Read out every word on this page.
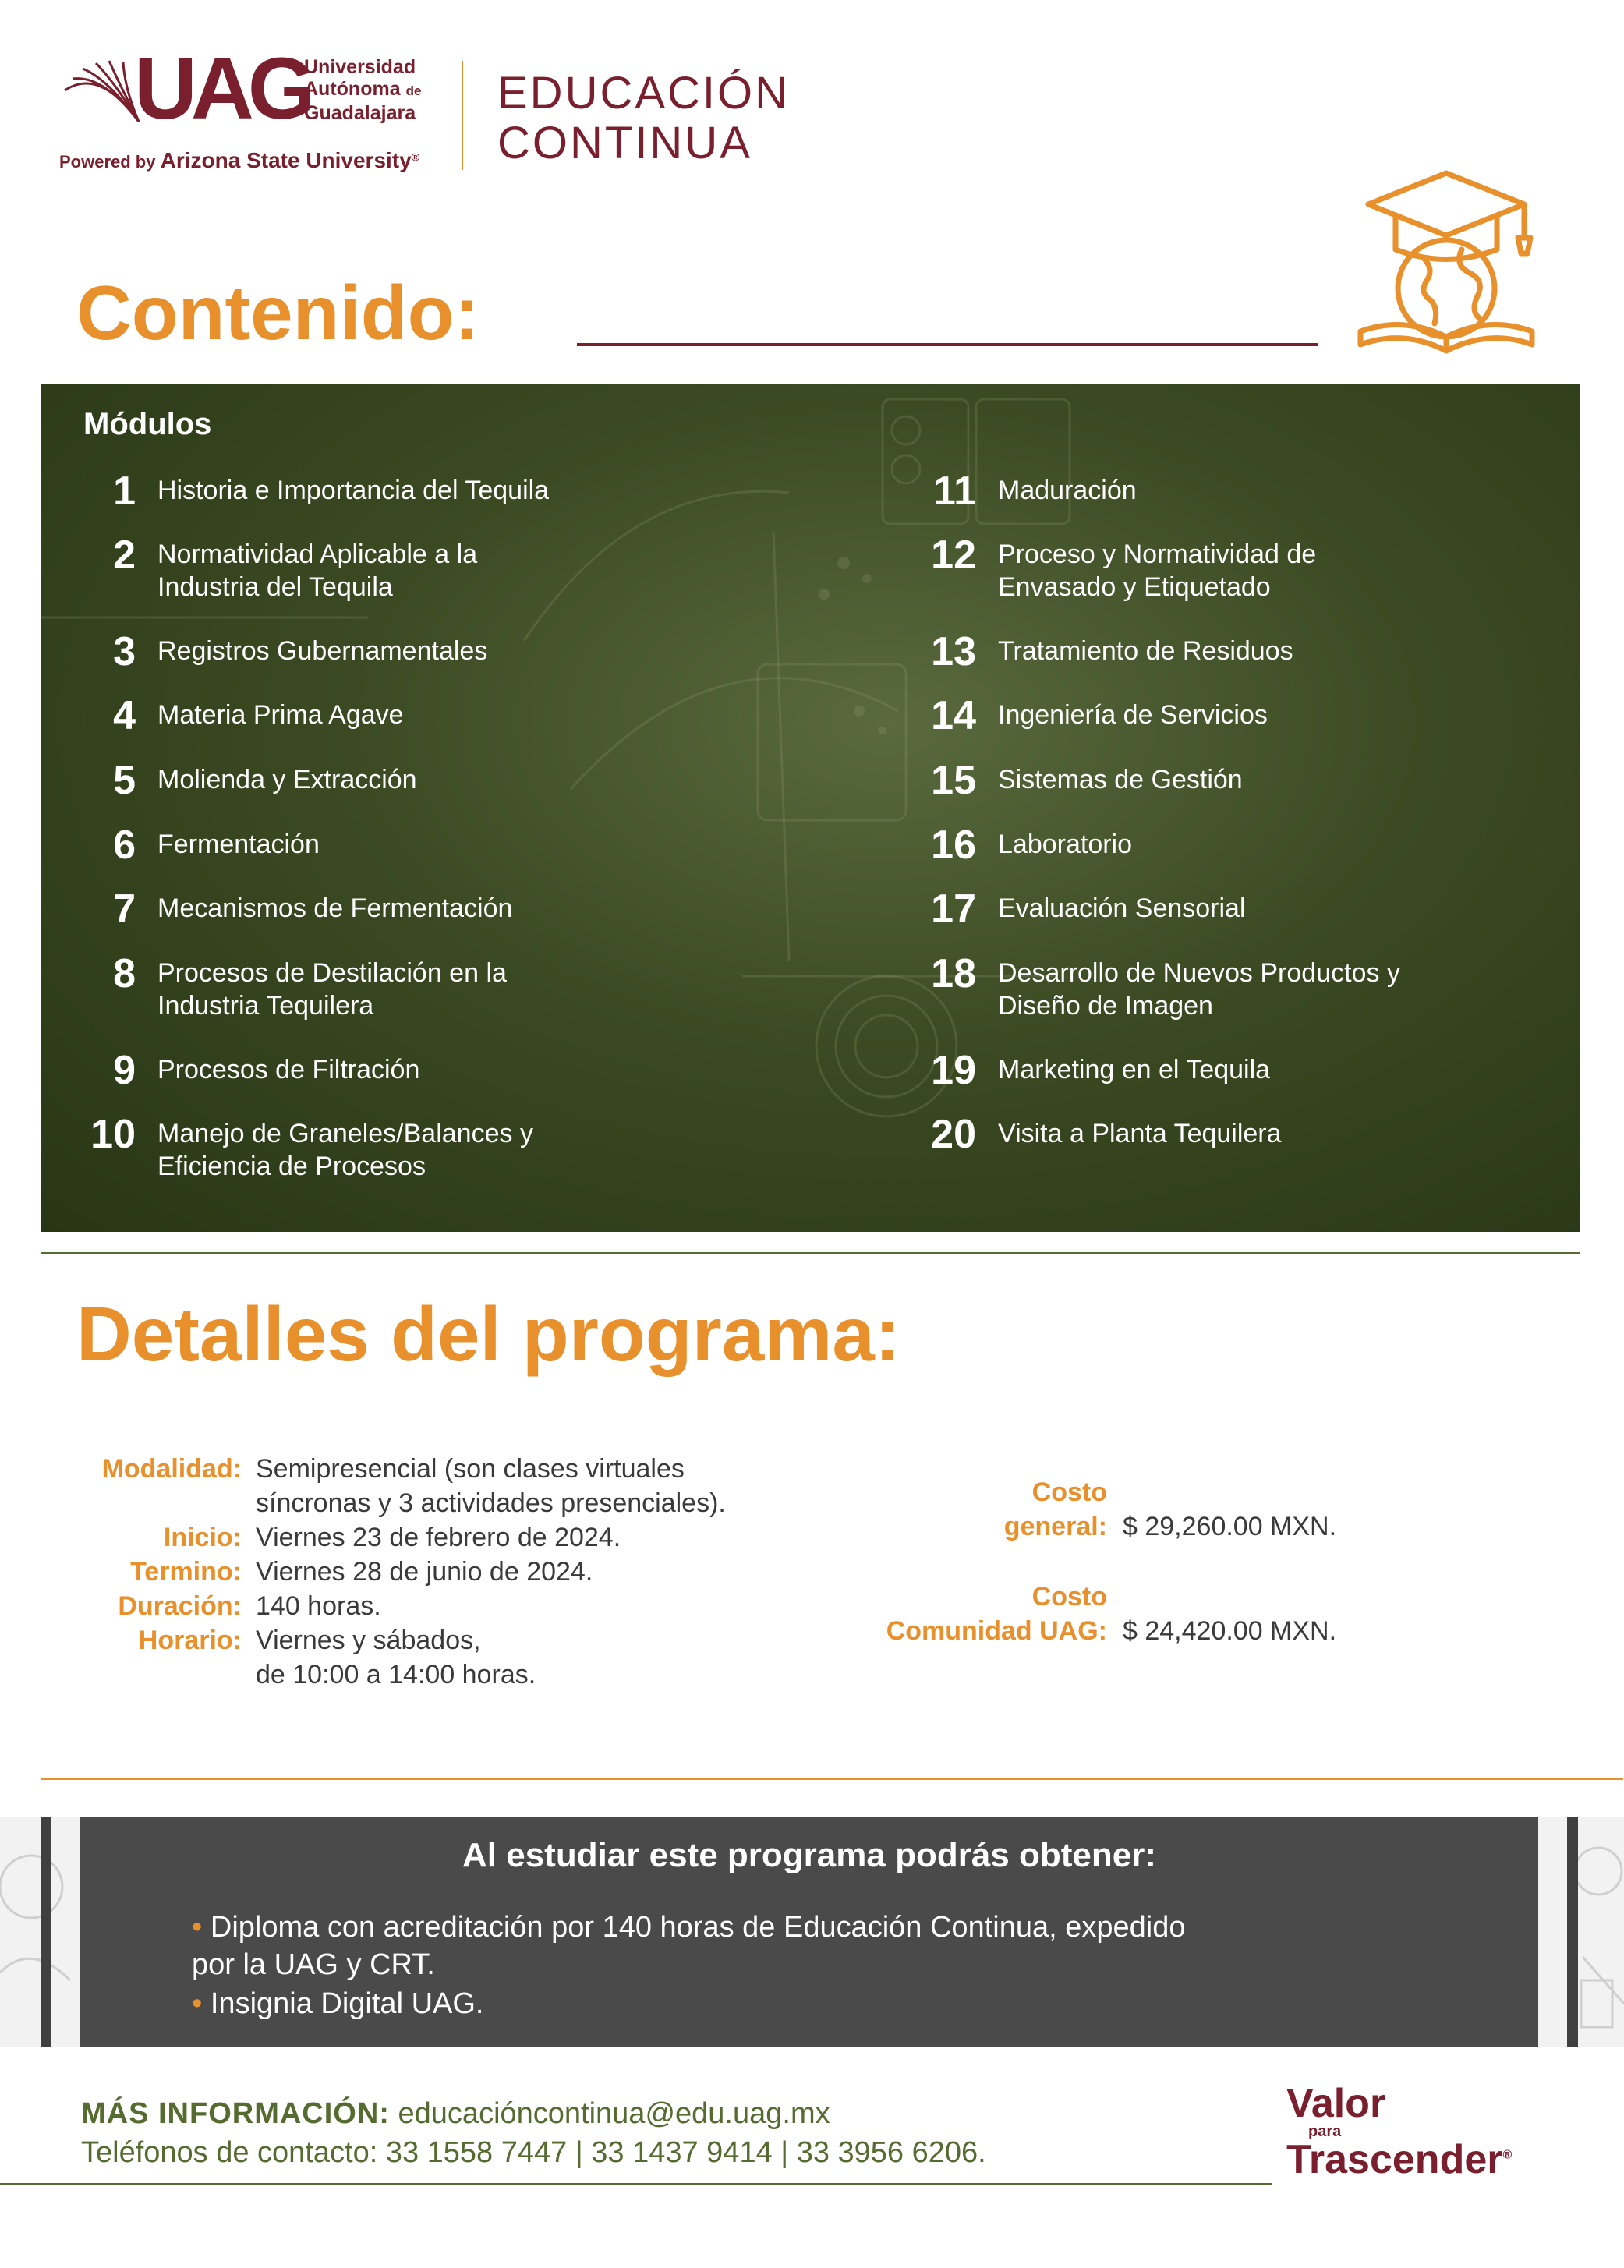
UAG
Universidad
Autónoma de
Guadalajara
Powered by Arizona State University®
EDUCACIÓN
CONTINUA
Contenido:
Módulos
1 Historia e Importancia del Tequila
2 Normatividad Aplicable a la Industria del Tequila
3 Registros Gubernamentales
4 Materia Prima Agave
5 Molienda y Extracción
6 Fermentación
7 Mecanismos de Fermentación
8 Procesos de Destilación en la Industria Tequilera
9 Procesos de Filtración
10 Manejo de Graneles/Balances y Eficiencia de Procesos
11 Maduración
12 Proceso y Normatividad de Envasado y Etiquetado
13 Tratamiento de Residuos
14 Ingeniería de Servicios
15 Sistemas de Gestión
16 Laboratorio
17 Evaluación Sensorial
18 Desarrollo de Nuevos Productos y Diseño de Imagen
19 Marketing en el Tequila
20 Visita a Planta Tequilera
Detalles del programa:
Modalidad: Semipresencial (son clases virtuales
síncronas y 3 actividades presenciales).
Inicio: Viernes 23 de febrero de 2024.
Termino: Viernes 28 de junio de 2024.
Duración: 140 horas.
Horario: Viernes y sábados,
de 10:00 a 14:00 horas.
Costo
general: $ 29,260.00 MXN.
Costo
Comunidad UAG: $ 24,420.00 MXN.
Al estudiar este programa podrás obtener:
• Diploma con acreditación por 140 horas de Educación Continua, expedido
por la UAG y CRT.
• Insignia Digital UAG.
MÁS INFORMACIÓN: educacióncontinua@edu.uag.mx
Teléfonos de contacto: 33 1558 7447 | 33 1437 9414 | 33 3956 6206.
Valor
para
Trascender®
